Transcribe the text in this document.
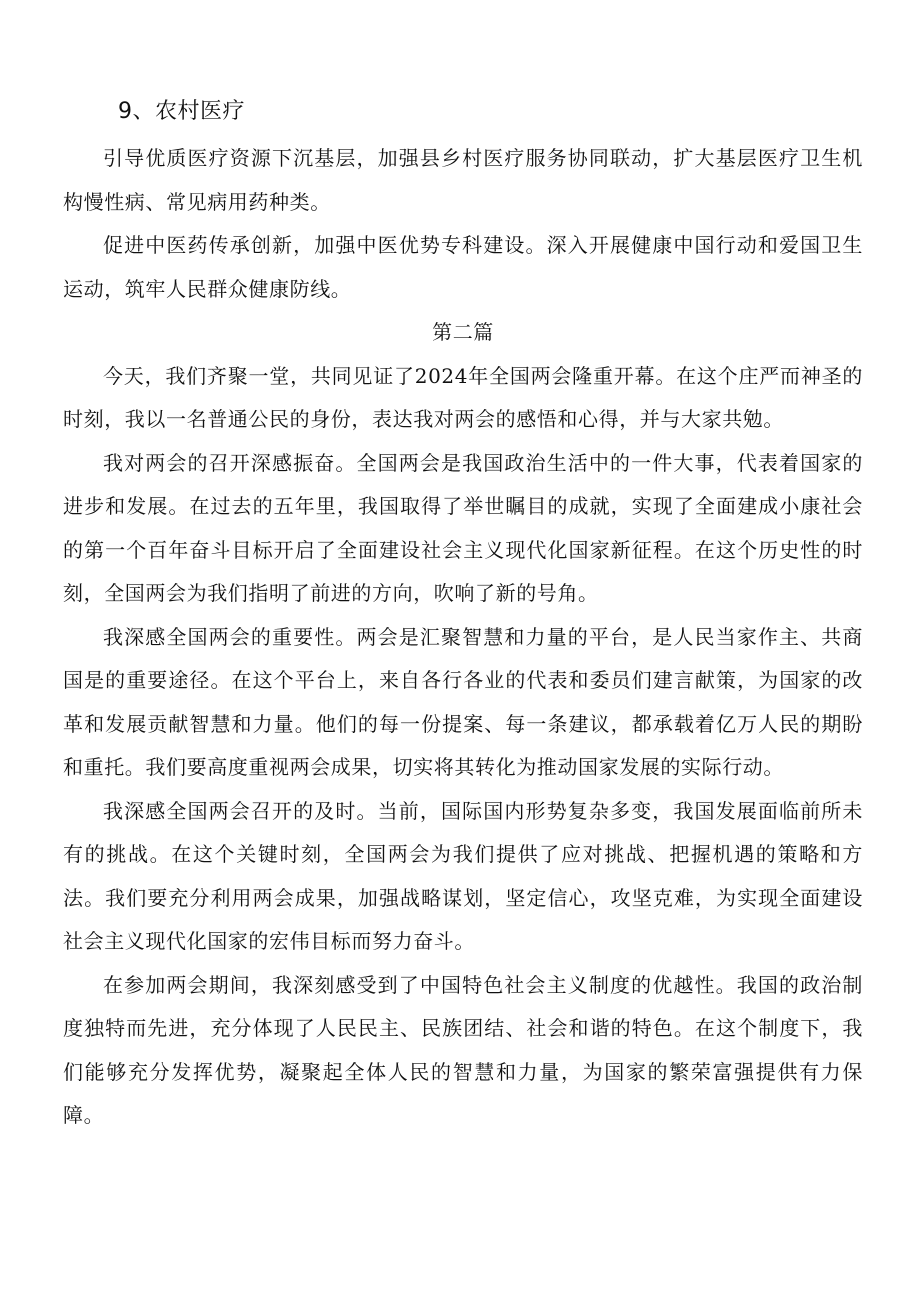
9、农村医疗

引导优质医疗资源下沉基层，加强县乡村医疗服务协同联动，扩大基层医疗卫生机构慢性病、常见病用药种类。

促进中医药传承创新，加强中医优势专科建设。深入开展健康中国行动和爱国卫生运动，筑牢人民群众健康防线。

第二篇

今天，我们齐聚一堂，共同见证了2024年全国两会隆重开幕。在这个庄严而神圣的时刻，我以一名普通公民的身份，表达我对两会的感悟和心得，并与大家共勉。

我对两会的召开深感振奋。全国两会是我国政治生活中的一件大事，代表着国家的进步和发展。在过去的五年里，我国取得了举世瞩目的成就，实现了全面建成小康社会的第一个百年奋斗目标开启了全面建设社会主义现代化国家新征程。在这个历史性的时刻，全国两会为我们指明了前进的方向，吹响了新的号角。

我深感全国两会的重要性。两会是汇聚智慧和力量的平台，是人民当家作主、共商国是的重要途径。在这个平台上，来自各行各业的代表和委员们建言献策，为国家的改革和发展贡献智慧和力量。他们的每一份提案、每一条建议，都承载着亿万人民的期盼和重托。我们要高度重视两会成果，切实将其转化为推动国家发展的实际行动。

我深感全国两会召开的及时。当前，国际国内形势复杂多变，我国发展面临前所未有的挑战。在这个关键时刻，全国两会为我们提供了应对挑战、把握机遇的策略和方法。我们要充分利用两会成果，加强战略谋划，坚定信心，攻坚克难，为实现全面建设社会主义现代化国家的宏伟目标而努力奋斗。

在参加两会期间，我深刻感受到了中国特色社会主义制度的优越性。我国的政治制度独特而先进，充分体现了人民民主、民族团结、社会和谐的特色。在这个制度下，我们能够充分发挥优势，凝聚起全体人民的智慧和力量，为国家的繁荣富强提供有力保障。
